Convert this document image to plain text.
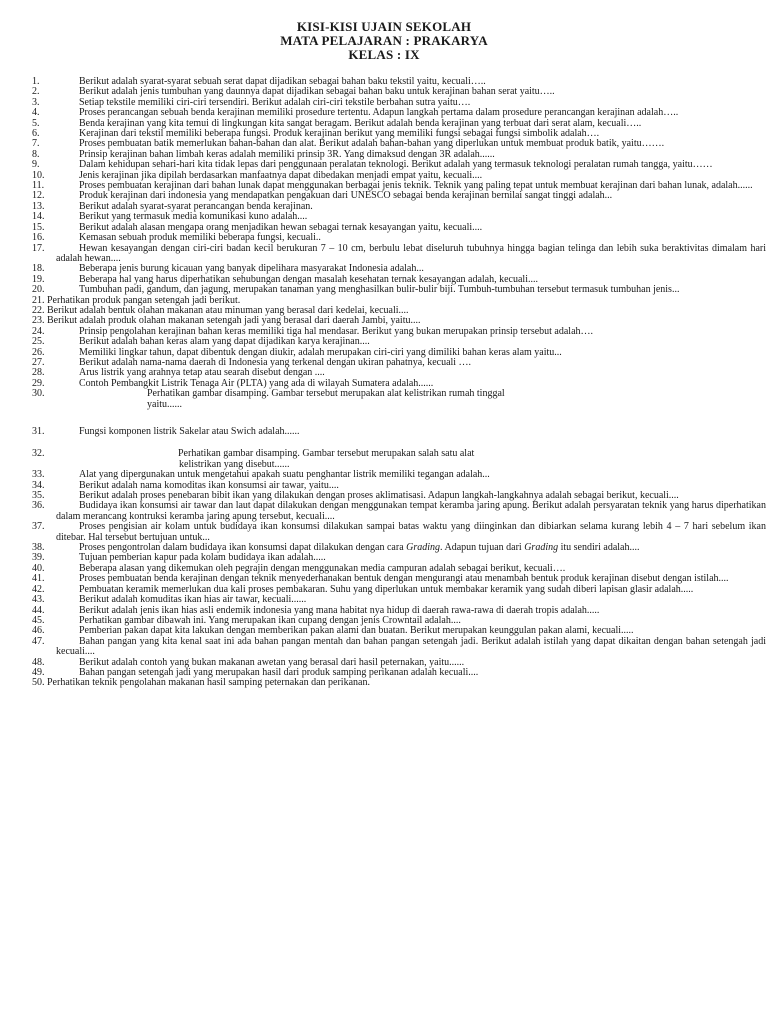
KISI-KISI UJAIN SEKOLAH
MATA PELAJARAN : PRAKARYA
KELAS : IX
1.	Berikut adalah syarat-syarat sebuah serat dapat dijadikan sebagai bahan baku tekstil yaitu, kecuali…..
2.	Berikut adalah jenis tumbuhan yang daunnya dapat dijadikan sebagai bahan baku untuk kerajinan bahan serat yaitu…..
3.	Setiap tekstile memiliki ciri-ciri tersendiri. Berikut adalah ciri-ciri tekstile berbahan sutra yaitu….
4.	Proses perancangan sebuah benda kerajinan memiliki prosedure tertentu. Adapun langkah pertama dalam prosedure perancangan kerajinan adalah…..
5.	Benda kerajinan yang kita temui di lingkungan kita sangat beragam. Berikut adalah benda kerajinan yang terbuat dari serat alam, kecuali…..
6.	Kerajinan dari tekstil memiliki beberapa fungsi. Produk kerajinan berikut yang memiliki fungsi sebagai fungsi simbolik adalah….
7.	Proses pembuatan batik memerlukan bahan-bahan dan alat. Berikut adalah bahan-bahan yang diperlukan untuk membuat produk batik, yaitu…….
8.	Prinsip kerajinan bahan limbah keras adalah memiliki prinsip 3R. Yang dimaksud dengan 3R adalah......
9.	Dalam kehidupan sehari-hari kita tidak lepas dari penggunaan peralatan teknologi. Berikut adalah yang termasuk teknologi peralatan rumah tangga, yaitu……
10.	Jenis kerajinan jika dipilah berdasarkan manfaatnya dapat dibedakan menjadi empat yaitu, kecuali....
11.	Proses pembuatan kerajinan dari bahan lunak dapat menggunakan berbagai jenis teknik. Teknik yang paling tepat untuk membuat kerajinan dari bahan lunak, adalah......
12.	Produk kerajinan dari indonesia yang mendapatkan pengakuan dari UNESCO sebagai benda kerajinan bernilai sangat tinggi adalah...
13.	Berikut adalah syarat-syarat perancangan benda kerajinan.
14.	Berikut yang termasuk media komunikasi kuno adalah....
15.	Berikut adalah alasan mengapa orang menjadikan hewan sebagai ternak kesayangan yaitu, kecuali....
16.	Kemasan sebuah produk memiliki beberapa fungsi, kecuali..
17.	Hewan kesayangan dengan ciri-ciri badan kecil berukuran 7 – 10 cm, berbulu lebat diseluruh tubuhnya hingga bagian telinga dan lebih suka beraktivitas dimalam hari adalah hewan....
18.	Beberapa jenis burung kicauan yang banyak dipelihara masyarakat Indonesia adalah...
19.	Beberapa hal yang harus diperhatikan sehubungan dengan masalah kesehatan ternak kesayangan adalah, kecuali....
20.	Tumbuhan padi, gandum, dan jagung, merupakan tanaman yang menghasilkan bulir-bulir biji. Tumbuh-tumbuhan tersebut termasuk tumbuhan jenis...
21. Perhatikan produk pangan setengah jadi berikut.
22. Berikut adalah bentuk olahan makanan atau minuman yang berasal dari kedelai, kecuali....
23. Berikut adalah produk olahan makanan setengah jadi yang berasal dari daerah Jambi, yaitu....
24.	Prinsip pengolahan kerajinan bahan keras memiliki tiga hal mendasar. Berikut yang bukan merupakan prinsip tersebut adalah….
25.	Berikut adalah bahan keras alam yang dapat dijadikan karya kerajinan....
26.	Memiliki lingkar tahun, dapat dibentuk dengan diukir, adalah merupakan ciri-ciri yang dimiliki bahan keras alam yaitu...
27.	Berikut adalah nama-nama daerah di Indonesia yang terkenal dengan ukiran pahatnya, kecuali ….
28.	Arus listrik yang arahnya tetap atau searah disebut dengan ....
29.	Contoh Pembangkit Listrik Tenaga Air (PLTA) yang ada di wilayah Sumatera adalah......
30.	Perhatikan gambar disamping. Gambar tersebut merupakan alat kelistrikan rumah tinggal
yaitu......
31.	Fungsi komponen listrik Sakelar atau Swich adalah......
32.	Perhatikan gambar disamping. Gambar tersebut merupakan salah satu alat
kelistrikan yang disebut......
33.	Alat yang dipergunakan untuk mengetahui apakah suatu penghantar listrik memiliki tegangan adalah...
34.	Berikut adalah nama komoditas ikan konsumsi air tawar, yaitu....
35.	Berikut adalah proses penebaran bibit ikan yang dilakukan dengan proses aklimatisasi. Adapun langkah-langkahnya adalah sebagai berikut, kecuali....
36.	Budidaya ikan konsumsi air tawar dan laut dapat dilakukan dengan menggunakan tempat keramba jaring apung. Berikut adalah persyaratan teknik yang harus diperhatikan dalam merancang kontruksi keramba jaring apung tersebut, kecuali....
37.	Proses pengisian air kolam untuk budidaya ikan konsumsi dilakukan sampai batas waktu yang diinginkan dan dibiarkan selama kurang lebih 4 – 7 hari sebelum ikan ditebar. Hal tersebut bertujuan untuk...
38.	Proses pengontrolan dalam budidaya ikan konsumsi dapat dilakukan dengan cara Grading. Adapun tujuan dari Grading itu sendiri adalah....
39.	Tujuan pemberian kapur pada kolam budidaya ikan adalah.....
40.	Beberapa alasan yang dikemukan oleh pegrajin dengan menggunakan media campuran adalah sebagai berikut, kecuali….
41.	Proses pembuatan benda kerajinan dengan teknik menyederhanakan bentuk dengan mengurangi atau menambah bentuk produk kerajinan disebut dengan istilah....
42.	Pembuatan keramik memerlukan dua kali proses pembakaran. Suhu yang diperlukan untuk membakar keramik yang sudah diberi lapisan glasir adalah.....
43.	Berikut adalah komuditas ikan hias air tawar, kecuali......
44.	Berikut adalah jenis ikan hias asli endemik indonesia yang mana habitat nya hidup di daerah rawa-rawa di daerah tropis adalah.....
45.	Perhatikan gambar dibawah ini. Yang merupakan ikan cupang dengan jenis Crowntail adalah....
46.	Pemberian pakan dapat kita lakukan dengan memberikan pakan alami dan buatan. Berikut merupakan keunggulan pakan alami, kecuali.....
47.	Bahan pangan yang kita kenal saat ini ada bahan pangan mentah dan bahan pangan setengah jadi. Berikut adalah istilah yang dapat dikaitan dengan bahan setengah jadi kecuali....
48.	Berikut adalah contoh yang bukan makanan awetan yang berasal dari hasil peternakan, yaitu......
49.	Bahan pangan setengah jadi yang merupakan hasil dari produk samping perikanan adalah kecuali....
50. Perhatikan teknik pengolahan makanan hasil samping peternakan dan perikanan.
